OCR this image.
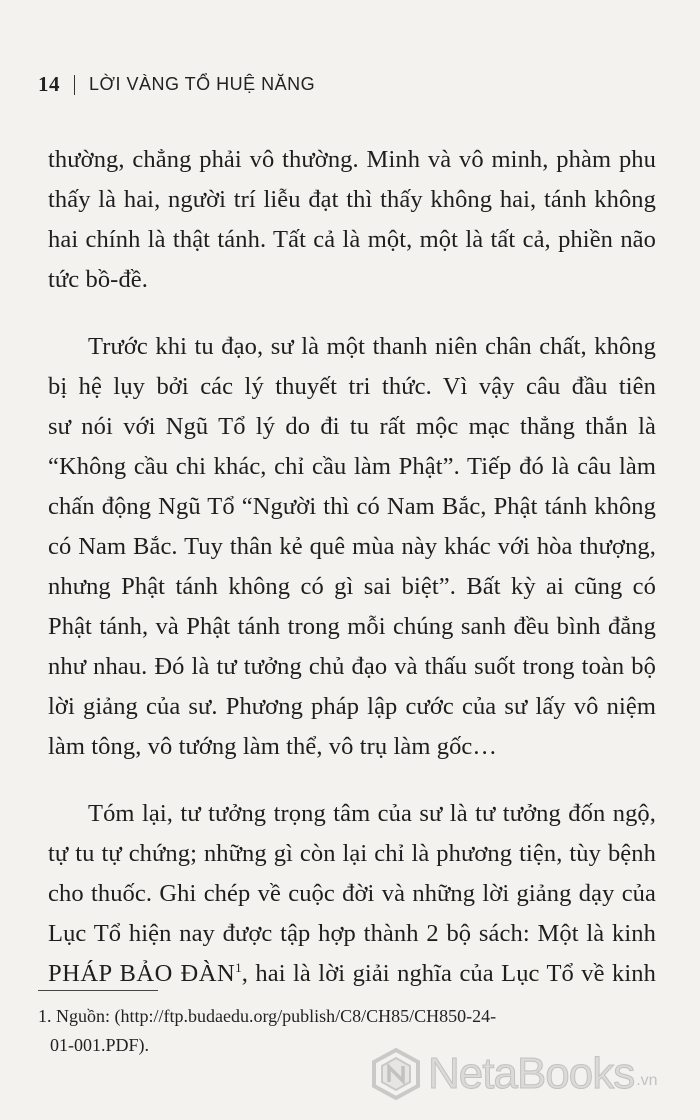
14 LỜI VÀNG TỔ HUỆ NĂNG
thường, chẳng phải vô thường. Minh và vô minh, phàm phu
thấy là hai, người trí liễu đạt thì thấy không hai, tánh không
hai chính là thật tánh. Tất cả là một, một là tất cả, phiền não
tức bồ-đề.
Trước khi tu đạo, sư là một thanh niên chân chất, không
bị hệ lụy bởi các lý thuyết tri thức. Vì vậy câu đầu tiên
sư nói với Ngũ Tổ lý do đi tu rất mộc mạc thẳng thắn là
“Không cầu chi khác, chỉ cầu làm Phật”. Tiếp đó là câu làm
chấn động Ngũ Tổ “Người thì có Nam Bắc, Phật tánh không
có Nam Bắc. Tuy thân kẻ quê mùa này khác với hòa thượng,
nhưng Phật tánh không có gì sai biệt”. Bất kỳ ai cũng có
Phật tánh, và Phật tánh trong mỗi chúng sanh đều bình đẳng
như nhau. Đó là tư tưởng chủ đạo và thấu suốt trong toàn bộ
lời giảng của sư. Phương pháp lập cước của sư lấy vô niệm
làm tông, vô tướng làm thể, vô trụ làm gốc…
Tóm lại, tư tưởng trọng tâm của sư là tư tưởng đốn ngộ,
tự tu tự chứng; những gì còn lại chỉ là phương tiện, tùy bệnh
cho thuốc. Ghi chép về cuộc đời và những lời giảng dạy của
Lục Tổ hiện nay được tập hợp thành 2 bộ sách: Một là kinh
PHÁP BẢO ĐÀN$^1$, hai là lời giải nghĩa của Lục Tổ về kinh
1. Nguồn: (http://ftp.budaedu.org/publish/C8/CH85/CH850-24-
01-001.PDF).
NetaBooks .vn
